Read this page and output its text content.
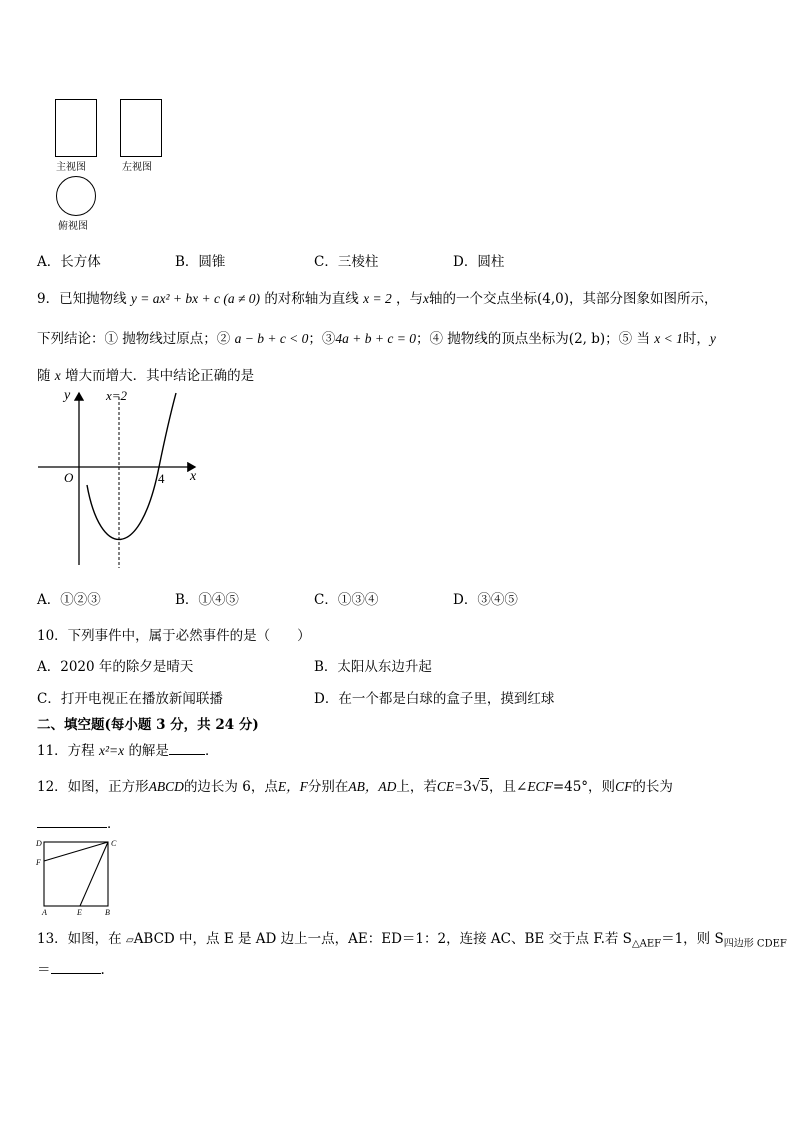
主视图	左视图
俯视图
A．长方体	B．圆锥	C．三棱柱	D．圆柱
9．已知抛物线 y = ax² + bx + c (a ≠ 0) 的对称轴为直线 x = 2 ，与x轴的一个交点坐标(4,0)，其部分图象如图所示，
下列结论：① 抛物线过原点；② a − b + c < 0；③4a + b + c = 0；④ 抛物线的顶点坐标为(2, b)；⑤ 当 x < 1时，y
随 x 增大而增大．其中结论正确的是
y	x=2
O	4 x
A．①②③	B．①④⑤	C．①③④	D．③④⑤
10．下列事件中，属于必然事件的是（　　）
A．2020 年的除夕是晴天	B．太阳从东边升起
C．打开电视正在播放新闻联播	D．在一个都是白球的盒子里，摸到红球
二、填空题(每小题 3 分，共 24 分)
11．方程 x²=x 的解是	．
12．如图，正方形ABCD的边长为 6，点E，F分别在AB，AD上，若CE=3√5，且∠ECF=45°，则CF的长为
．
D	C
F
A	E	B
13．如图，在 ▱ABCD 中，点 E 是 AD 边上一点，AE：ED＝1：2，连接 AC、BE 交于点 F.若 $S_{\triangle AEF}=1$，则 $S_{四边形 CDEF}$
＝	.
